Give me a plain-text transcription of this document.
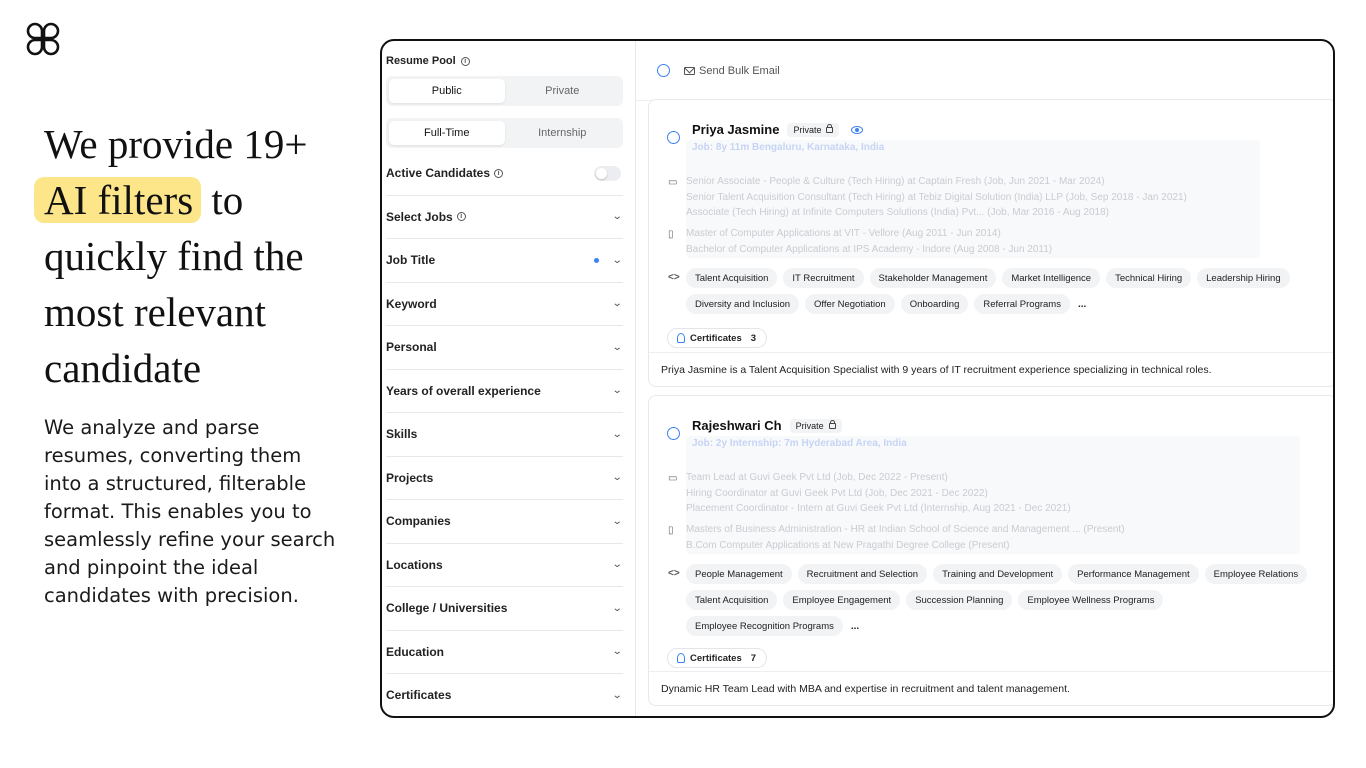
We provide 19+
AI filters to quickly find the most relevant candidate
We analyze and parse resumes, converting them into a structured, filterable format. This enables you to seamlessly refine your search and pinpoint the ideal candidates with precision.
Resume Pool	i
Public	Private
Full-Time	Internship
Active Candidates	i
Select Jobs	i	⌄
Job Title	⌄
Keyword	⌄
Personal	⌄
Years of overall experience	⌄
Skills	⌄
Projects	⌄
Companies	⌄
Locations	⌄
College / Universities	⌄
Education	⌄
Certificates	⌄
Send Bulk Email
Priya Jasmine Private
Job: 8y 11m Bengaluru, Karnataka, India
▭ Senior Associate - People & Culture (Tech Hiring) at Captain Fresh (Job, Jun 2021 - Mar 2024)
Senior Talent Acquisition Consultant (Tech Hiring) at Tebiz Digital Solution (India) LLP (Job, Sep 2018 - Jan 2021)
Associate (Tech Hiring) at Infinite Computers Solutions (India) Pvt... (Job, Mar 2016 - Aug 2018)
▯	Master of Computer Applications at VIT - Vellore (Aug 2011 - Jun 2014)
Bachelor of Computer Applications at IPS Academy - Indore (Aug 2008 - Jun 2011)
<>	Talent Acquisition	IT Recruitment	Stakeholder Management	Market Intelligence	Technical Hiring	Leadership Hiring
Diversity and Inclusion	Offer Negotiation	Onboarding	Referral Programs	...
Certificates 3
Priya Jasmine is a Talent Acquisition Specialist with 9 years of IT recruitment experience specializing in technical roles.
Rajeshwari Ch Private
Job: 2y Internship: 7m Hyderabad Area, India
▭ Team Lead at Guvi Geek Pvt Ltd (Job, Dec 2022 - Present)
Hiring Coordinator at Guvi Geek Pvt Ltd (Job, Dec 2021 - Dec 2022)
Placement Coordinator - Intern at Guvi Geek Pvt Ltd (Internship, Aug 2021 - Dec 2021)
▯	Masters of Business Administration - HR at Indian School of Science and Management ... (Present)
B.Com Computer Applications at New Pragathi Degree College (Present)
<>	People Management	Recruitment and Selection	Training and Development	Performance Management	Employee Relations
Talent Acquisition	Employee Engagement	Succession Planning	Employee Wellness Programs
Employee Recognition Programs	...
Certificates 7
Dynamic HR Team Lead with MBA and expertise in recruitment and talent management.
